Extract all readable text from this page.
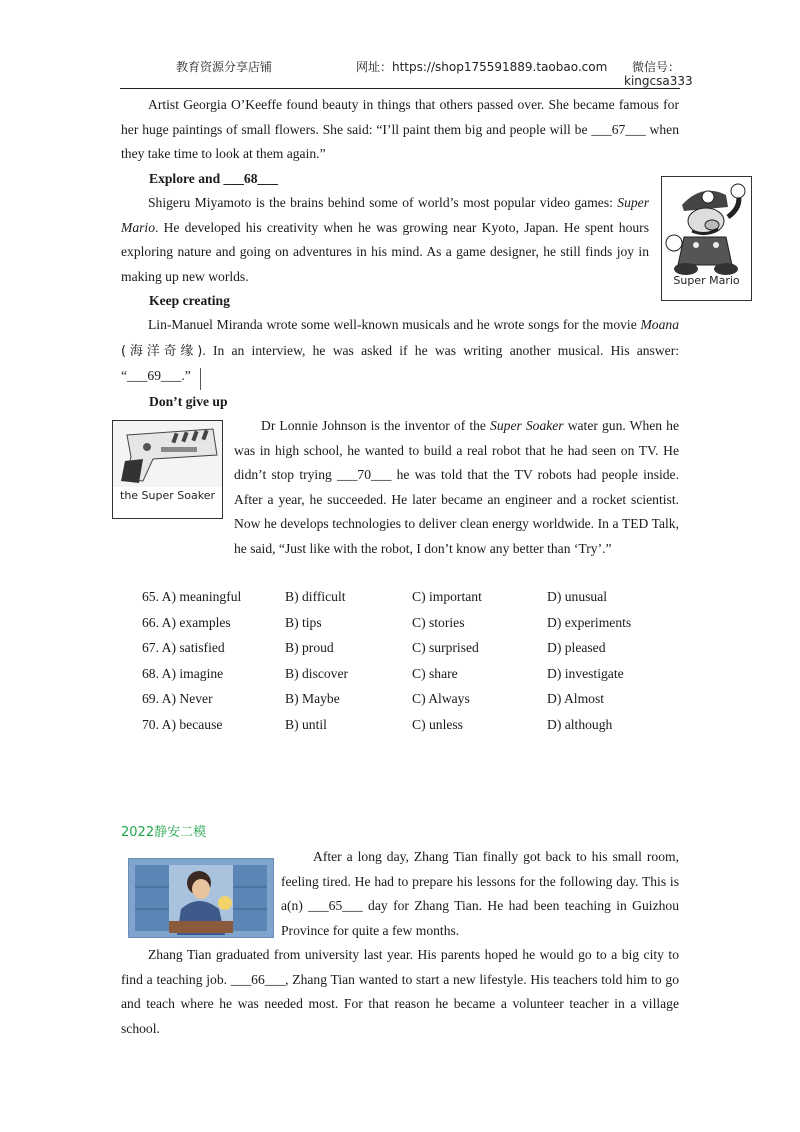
教育资源分享店铺	网址：https://shop175591889.taobao.com 微信号：
kingcsa333

Artist Georgia O’Keeffe found beauty in things that others passed over. She became famous for her huge paintings of small flowers. She said: “I’ll paint them big and people will be ___67___ when they take time to look at them again.”

Explore and ___68___

Shigeru Miyamoto is the brains behind some of world’s most popular video games: Super Mario. He developed his creativity when he was growing near Kyoto, Japan. He spent hours exploring nature and going on adventures in his mind. As a game designer, he still finds joy in making up new worlds.	Super Mario
Keep creating

Lin-Manuel Miranda wrote some well-known musicals and he wrote songs for the movie Moana (海洋奇缘). In an interview, he was asked if he was writing another musical. His answer: “___69___.”

Don’t give up
the Super Soaker

Dr Lonnie Johnson is the inventor of the Super Soaker water gun. When he was in high school, he wanted to build a real robot that he had seen on TV. He didn’t stop trying ___70___ he was told that the TV robots had people inside. After a year, he succeeded. He later became an engineer and a rocket scientist. Now he develops technologies to deliver clean energy worldwide. In a TED Talk, he said, “Just like with the robot, I don’t know any better than ‘Try’.”

65. A) meaningful	B) difficult	C) important	D) unusual
66. A) examples	B) tips	C) stories	D) experiments
67. A) satisfied	B) proud	C) surprised	D) pleased
68. A) imagine	B) discover	C) share	D) investigate
69. A) Never	B) Maybe	C) Always	D) Almost
70. A) because	B) until	C) unless	D) although
2022静安二模

After a long day, Zhang Tian finally got back to his small room, feeling tired. He had to prepare his lessons for the following day. This is a(n) ___65___ day for Zhang Tian. He had been teaching in Guizhou Province for quite a few months.

Zhang Tian graduated from university last year. His parents hoped he would go to a big city to find a teaching job. ___66___, Zhang Tian wanted to start a new lifestyle. His teachers told him to go and teach where he was needed most. For that reason he became a volunteer teacher in a village school.
